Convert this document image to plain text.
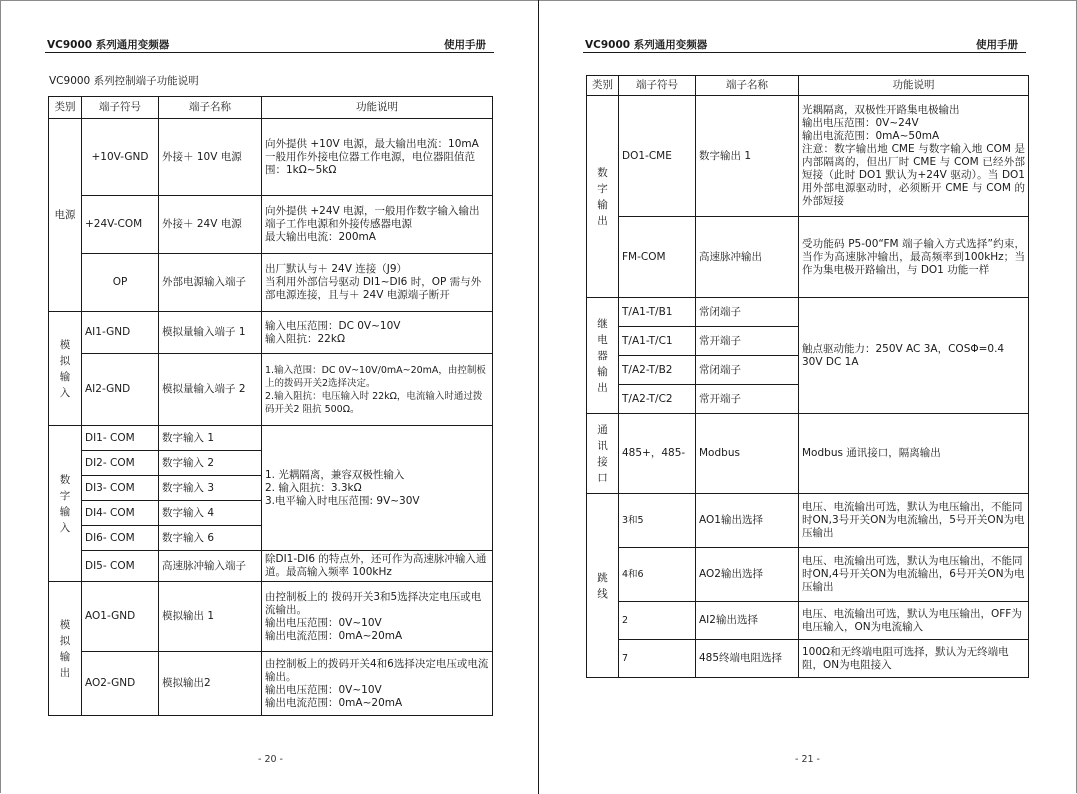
VC9000 系列通用变频器	使用手册
VC9000 系列控制端子功能说明
类别	端子符号	端子名称	功能说明
电源	+10V-GND	外接＋ 10V 电源	向外提供 +10V 电源，最大输出电流：10mA
一般用作外接电位器工作电源，电位器阻值范围：1kΩ~5kΩ

	+24V-COM	外接＋ 24V 电源	向外提供 +24V 电源，一般用作数字输入输出端子工作电源和外接传感器电源
最大输出电流：200mA

	OP	外部电源输入端子	出厂默认与＋ 24V 连接（J9）
当利用外部信号驱动 DI1~DI6 时，OP 需与外部电源连接，且与＋ 24V 电源端子断开

模拟输入	AI1-GND	模拟量输入端子 1	输入电压范围：DC 0V~10V
输入阻抗：22kΩ

	AI2-GND	模拟量输入端子 2	1.输入范围：DC 0V~10V/0mA~20mA，由控制板上的拨码开关2选择决定。
2.输入阻抗：电压输入时 22kΩ，电流输入时通过拨码开关2 阻抗 500Ω。

数字输入	DI1- COM	数字输入 1	1. 光耦隔离，兼容双极性输入
2. 输入阻抗：3.3kΩ
3.电平输入时电压范围: 9V~30V

	DI2- COM	数字输入 2	
	DI3- COM	数字输入 3	
	DI4- COM	数字输入 4	
	DI6- COM	数字输入 6	
	DI5- COM	高速脉冲输入端子	除DI1-DI6 的特点外，还可作为高速脉冲输入通道。最高输入频率 100kHz

模拟输出	AO1-GND	模拟输出 1	由控制板上的 拨码开关3和5选择决定电压或电流输出。
输出电压范围：0V~10V
输出电流范围：0mA~20mA

	AO2-GND	模拟输出2	由控制板上的拨码开关4和6选择决定电压或电流输出。
输出电压范围：0V~10V
输出电流范围：0mA~20mA
- 20 -
VC9000 系列通用变频器	使用手册
类别	端子符号	端子名称	功能说明
数字输出	DO1-CME	数字输出 1	光耦隔离，双极性开路集电极输出
输出电压范围：0V~24V
输出电流范围：0mA~50mA
注意：数字输出地 CME 与数字输入地 COM 是内部隔离的，但出厂时 CME 与 COM 已经外部短接（此时 DO1 默认为+24V 驱动）。当 DO1 用外部电源驱动时，必须断开 CME 与 COM 的外部短接

	FM-COM	高速脉冲输出	受功能码 P5-00“FM 端子输入方式选择”约束，当作为高速脉冲输出，最高频率到100kHz；当作为集电极开路输出，与 DO1 功能一样

继电器输出	T/A1-T/B1	常闭端子	触点驱动能力：250V AC 3A，COSΦ=0.4
30V DC 1A

	T/A1-T/C1	常开端子	
	T/A2-T/B2	常闭端子	
	T/A2-T/C2	常开端子	
通讯接口	485+，485-	Modbus	Modbus 通讯接口，隔离输出

跳线	3和5	AO1输出选择	电压、电流输出可选，默认为电压输出，不能同时ON,3号开关ON为电流输出，5号开关ON为电压输出

	4和6	AO2输出选择	电压、电流输出可选，默认为电压输出，不能同时ON,4号开关ON为电流输出，6号开关ON为电压输出

	2	AI2输出选择	电压、电流输出可选，默认为电压输出，OFF为电压输入，ON为电流输入

	7	485终端电阻选择	100Ω和无终端电阻可选择，默认为无终端电阻，ON为电阻接入
- 21 -
